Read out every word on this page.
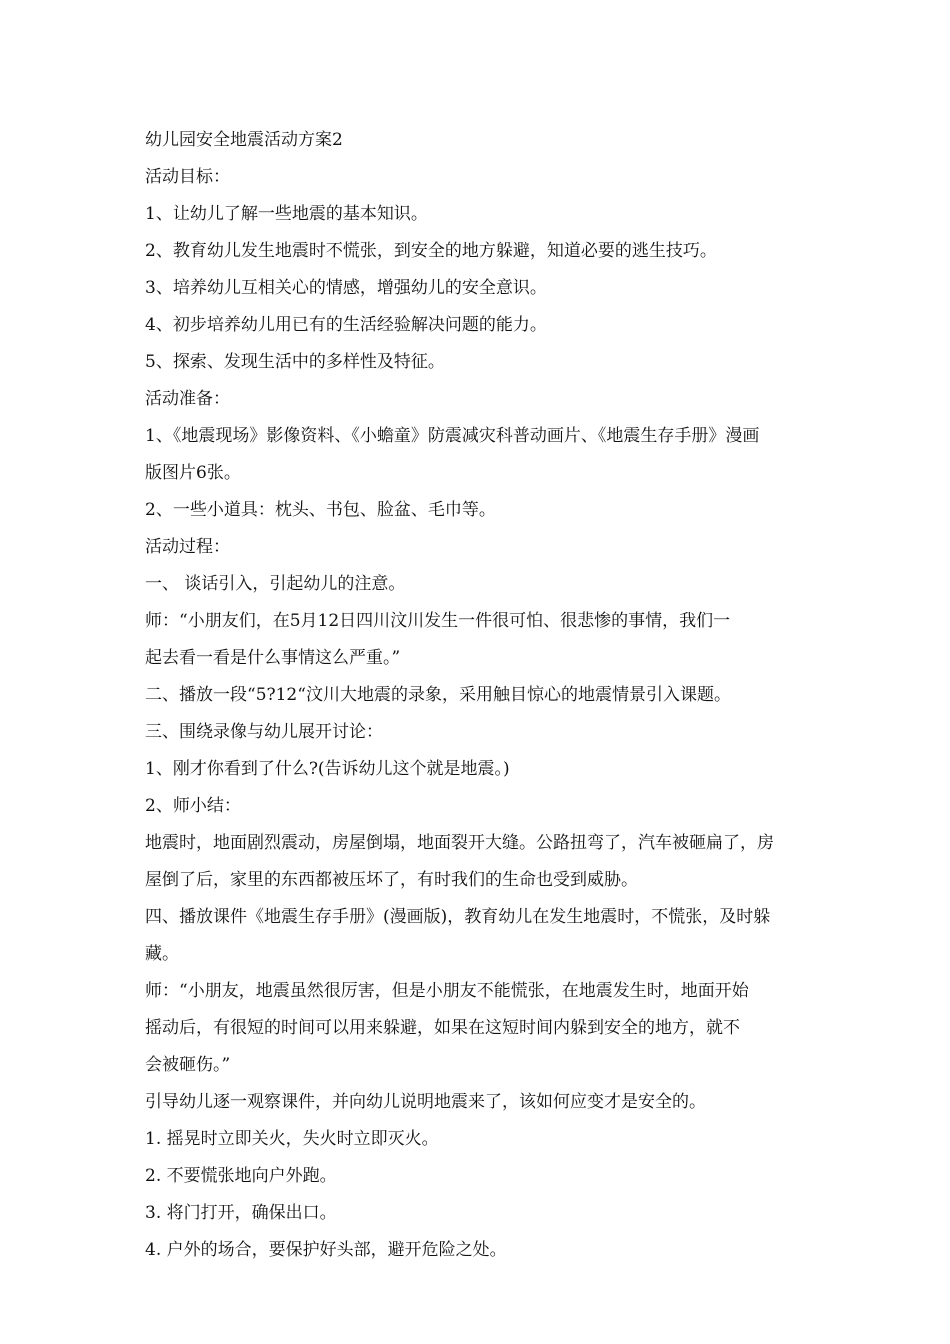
幼儿园安全地震活动方案2

活动目标：

1、让幼儿了解一些地震的基本知识。

2、教育幼儿发生地震时不慌张，到安全的地方躲避，知道必要的逃生技巧。

3、培养幼儿互相关心的情感，增强幼儿的安全意识。

4、初步培养幼儿用已有的生活经验解决问题的能力。

5、探索、发现生活中的多样性及特征。

活动准备：

1、《地震现场》影像资料、《小蟾童》防震减灾科普动画片、《地震生存手册》漫画

版图片6张。

2、一些小道具：枕头、书包、脸盆、毛巾等。

活动过程：

一、 谈话引入，引起幼儿的注意。

师：“小朋友们，在5月12日四川汶川发生一件很可怕、很悲惨的事情，我们一

起去看一看是什么事情这么严重。”

二、播放一段“5?12“汶川大地震的录象，采用触目惊心的地震情景引入课题。

三、围绕录像与幼儿展开讨论：

1、刚才你看到了什么?(告诉幼儿这个就是地震。)

2、师小结：

地震时，地面剧烈震动，房屋倒塌，地面裂开大缝。公路扭弯了，汽车被砸扁了，房

屋倒了后，家里的东西都被压坏了，有时我们的生命也受到威胁。

四、播放课件《地震生存手册》(漫画版)，教育幼儿在发生地震时，不慌张，及时躲

藏。

师：“小朋友，地震虽然很厉害，但是小朋友不能慌张，在地震发生时，地面开始

摇动后，有很短的时间可以用来躲避，如果在这短时间内躲到安全的地方，就不

会被砸伤。”

引导幼儿逐一观察课件，并向幼儿说明地震来了，该如何应变才是安全的。

1. 摇晃时立即关火，失火时立即灭火。

2. 不要慌张地向户外跑。

3. 将门打开，确保出口。

4. 户外的场合，要保护好头部，避开危险之处。
